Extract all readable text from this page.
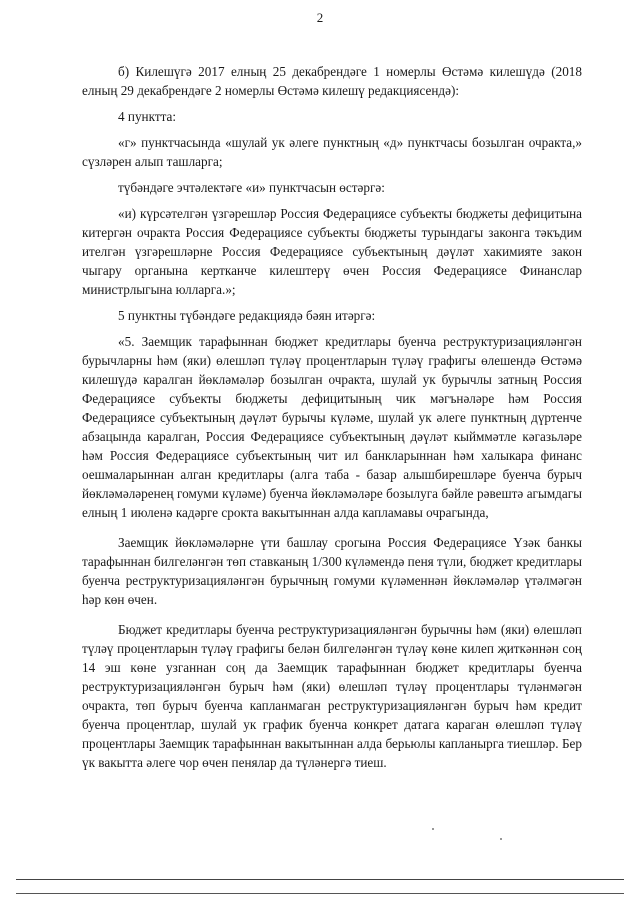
2

б) Килешүгә 2017 елның 25 декабрендәге 1 номерлы Өстәмә килешүдә (2018 елның 29 декабрендәге 2 номерлы Өстәмә килешү редакциясендә):

4 пунктта:

«г» пунктчасында «шулай ук әлеге пунктның «д» пунктчасы бозылган очракта,» сүзләрен алып ташларга;

түбәндәге эчтәлектәге «и» пунктчасын өстәргә:

«и) күрсәтелгән үзгәрешләр Россия Федерациясе субъекты бюджеты дефицитына китергән очракта Россия Федерациясе субъекты бюджеты турындагы законга тәкъдим ителгән үзгәрешләрне Россия Федерациясе субъектының дәүләт хакимияте закон чыгару органына кертканче килештерү өчен Россия Федерациясе Финанслар министрлыгына юлларга.»;

5 пунктны түбәндәге редакциядә бәян итәргә:

«5. Заемщик тарафыннан бюджет кредитлары буенча реструктуризацияләнгән бурычларны һәм (яки) өлешләп түләү процентларын түләү графигы өлешендә Өстәмә килешүдә каралган йөкләмәләр бозылган очракта, шулай ук бурычлы затның Россия Федерациясе субъекты бюджеты дефицитының чик мәгънәләре һәм Россия Федерациясе субъектының дәүләт бурычы күләме, шулай ук әлеге пунктның дүртенче абзацында каралган, Россия Федерациясе субъектының дәүләт кыйммәтле кәгазьләре һәм Россия Федерациясе субъектының чит ил банкларыннан һәм халыкара финанс оешмаларыннан алган кредитлары (алга таба - базар алышбирешләре буенча бурыч йөкләмәләренең гомуми күләме) буенча йөкләмәләре бозылуга бәйле рәвештә агымдагы елның 1 июленә кадәрге срокта вакытыннан алда капламавы очрагында,

Заемщик йөкләмәләрне үти башлау срогына Россия Федерациясе Үзәк банкы тарафыннан билгеләнгән төп ставканың 1/300 күләмендә пеня түли, бюджет кредитлары буенча реструктуризацияләнгән бурычның гомуми күләменнән йөкләмәләр үтәлмәгән һәр көн өчен.

Бюджет кредитлары буенча реструктуризацияләнгән бурычны һәм (яки) өлешләп түләү процентларын түләү графигы белән билгеләнгән түләү көне килеп җиткәннән соң 14 эш көне узганнан соң да Заемщик тарафыннан бюджет кредитлары буенча реструктуризацияләнгән бурыч һәм (яки) өлешләп түләү процентлары түләнмәгән очракта, төп бурыч буенча капланмаган реструктуризацияләнгән бурыч һәм кредит буенча процентлар, шулай ук график буенча конкрет датага караган өлешләп түләү процентлары Заемщик тарафыннан вакытыннан алда берьюлы капланырга тиешләр. Бер үк вакытта әлеге чор өчен пенялар да түләнергә тиеш.
